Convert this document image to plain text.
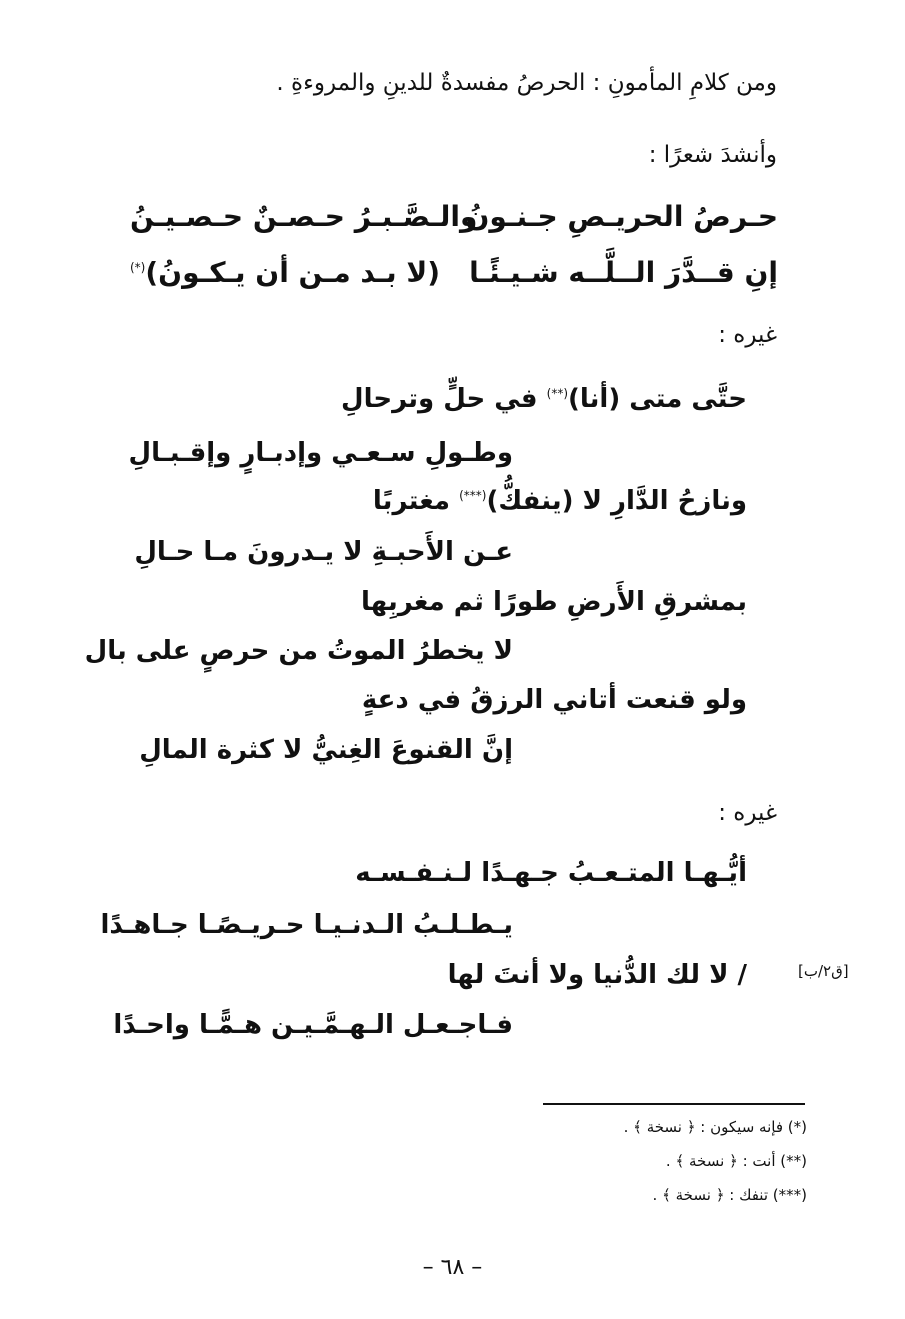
ومن كلامِ المأمونِ : الحرصُ مفسدةٌ للدينِ والمروءةِ .
وأنشدَ شعرًا :
حـرصُ الحريـصِ جـنـونُ
والـصَّـبـرُ حـصـنٌ حـصـيـنُ
إنِ قــدَّرَ الــلَّــه شـيـئًـا
(لا بـد مـن أن يـكـونُ)(*)
غيره :
حتَّى متى (أنا)(**) في حلٍّ وترحالِ
وطـولِ سـعـي وإدبـارٍ وإقـبـالِ
ونازحُ الدَّارِ لا (ينفكُّ)(***) مغتربًا
عـن الأَحبـةِ لا يـدرونَ مـا حـالِ
بمشرقِ الأَرضِ طورًا ثم مغربِها
لا يخطرُ الموتُ من حرصٍ على بال
ولو قنعت أتاني الرزقُ في دعةٍ
إنَّ القنوعَ الغِنيُّ لا كثرة المالِ
غيره :
أيُّـهـا المتـعـبُ جـهـدًا لـنـفـسـه
يـطـلـبُ الـدنـيـا حـريـصًـا جـاهـدًا
/ لا لك الدُّنيا ولا أنتَ لها
فـاجـعـل الـهـمَّـيـن هـمًّـا واحـدًا
[ق٢/ب]
(*) فإنه سيكون : ﴿ نسخة ﴾ .
(**) أنت : ﴿ نسخة ﴾ .
(***) تنفك : ﴿ نسخة ﴾ .
– ٦٨ –
